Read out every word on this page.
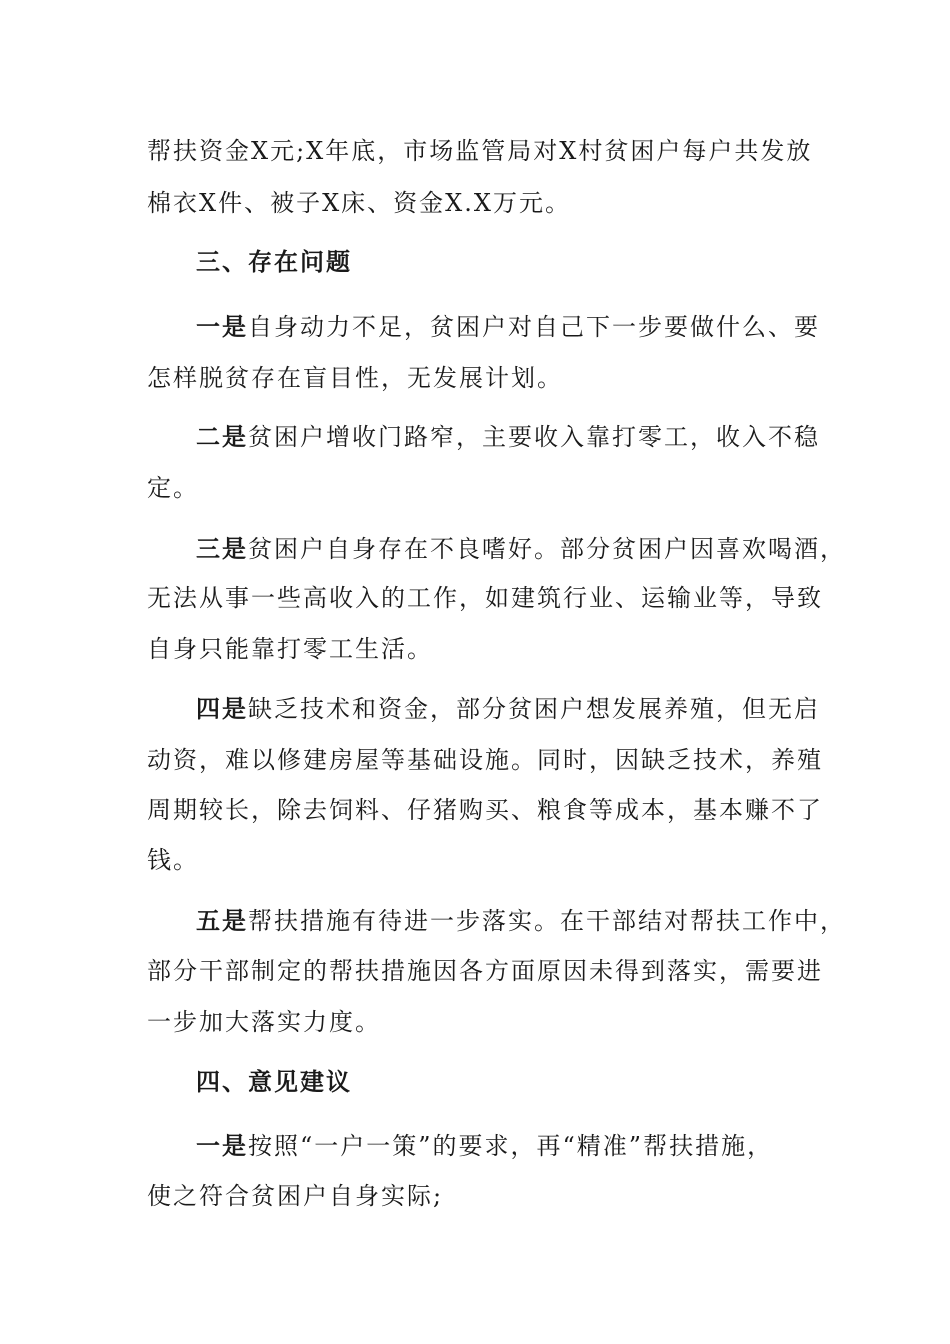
帮扶资金X元;X年底，市场监管局对X村贫困户每户共发放
棉衣X件、被子X床、资金X.X万元。
三、存在问题
一是自身动力不足，贫困户对自己下一步要做什么、要
怎样脱贫存在盲目性，无发展计划。
二是贫困户增收门路窄，主要收入靠打零工，收入不稳
定。
三是贫困户自身存在不良嗜好。部分贫困户因喜欢喝酒，
无法从事一些高收入的工作，如建筑行业、运输业等，导致
自身只能靠打零工生活。
四是缺乏技术和资金，部分贫困户想发展养殖，但无启
动资，难以修建房屋等基础设施。同时，因缺乏技术，养殖
周期较长，除去饲料、仔猪购买、粮食等成本，基本赚不了
钱。
五是帮扶措施有待进一步落实。在干部结对帮扶工作中，
部分干部制定的帮扶措施因各方面原因未得到落实，需要进
一步加大落实力度。
四、意见建议
一是按照“一户一策”的要求，再“精准”帮扶措施，
使之符合贫困户自身实际;
